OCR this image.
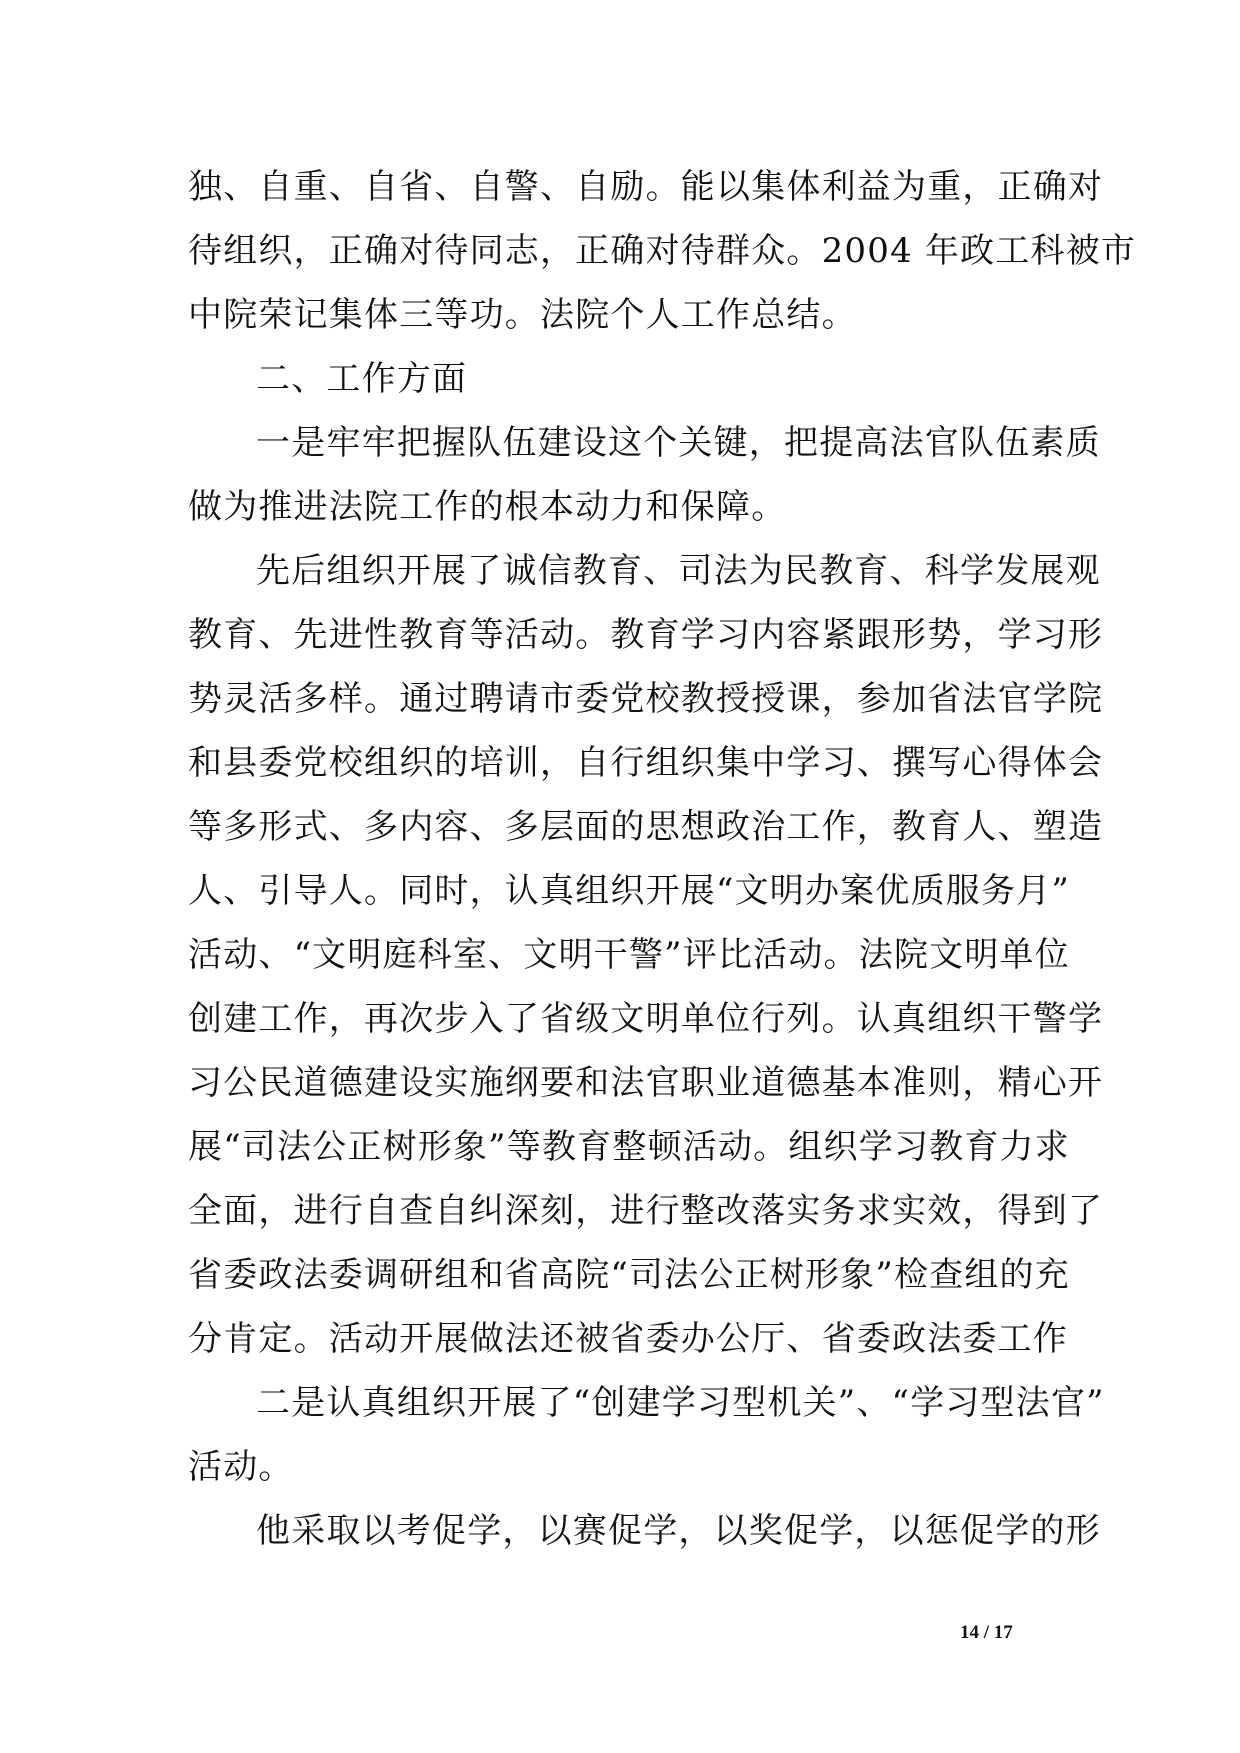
独、自重、自省、自警、自励。能以集体利益为重，正确对
待组织，正确对待同志，正确对待群众。2004 年政工科被市
中院荣记集体三等功。法院个人工作总结。
二、工作方面
一是牢牢把握队伍建设这个关键，把提高法官队伍素质
做为推进法院工作的根本动力和保障。
先后组织开展了诚信教育、司法为民教育、科学发展观
教育、先进性教育等活动。教育学习内容紧跟形势，学习形
势灵活多样。通过聘请市委党校教授授课，参加省法官学院
和县委党校组织的培训，自行组织集中学习、撰写心得体会
等多形式、多内容、多层面的思想政治工作，教育人、塑造
人、引导人。同时，认真组织开展“文明办案优质服务月”
活动、“文明庭科室、文明干警”评比活动。法院文明单位
创建工作，再次步入了省级文明单位行列。认真组织干警学
习公民道德建设实施纲要和法官职业道德基本准则，精心开
展“司法公正树形象”等教育整顿活动。组织学习教育力求
全面，进行自查自纠深刻，进行整改落实务求实效，得到了
省委政法委调研组和省高院“司法公正树形象”检查组的充
分肯定。活动开展做法还被省委办公厅、省委政法委工作
二是认真组织开展了“创建学习型机关”、“学习型法官”
活动。
他采取以考促学，以赛促学，以奖促学，以惩促学的形
14 / 17
